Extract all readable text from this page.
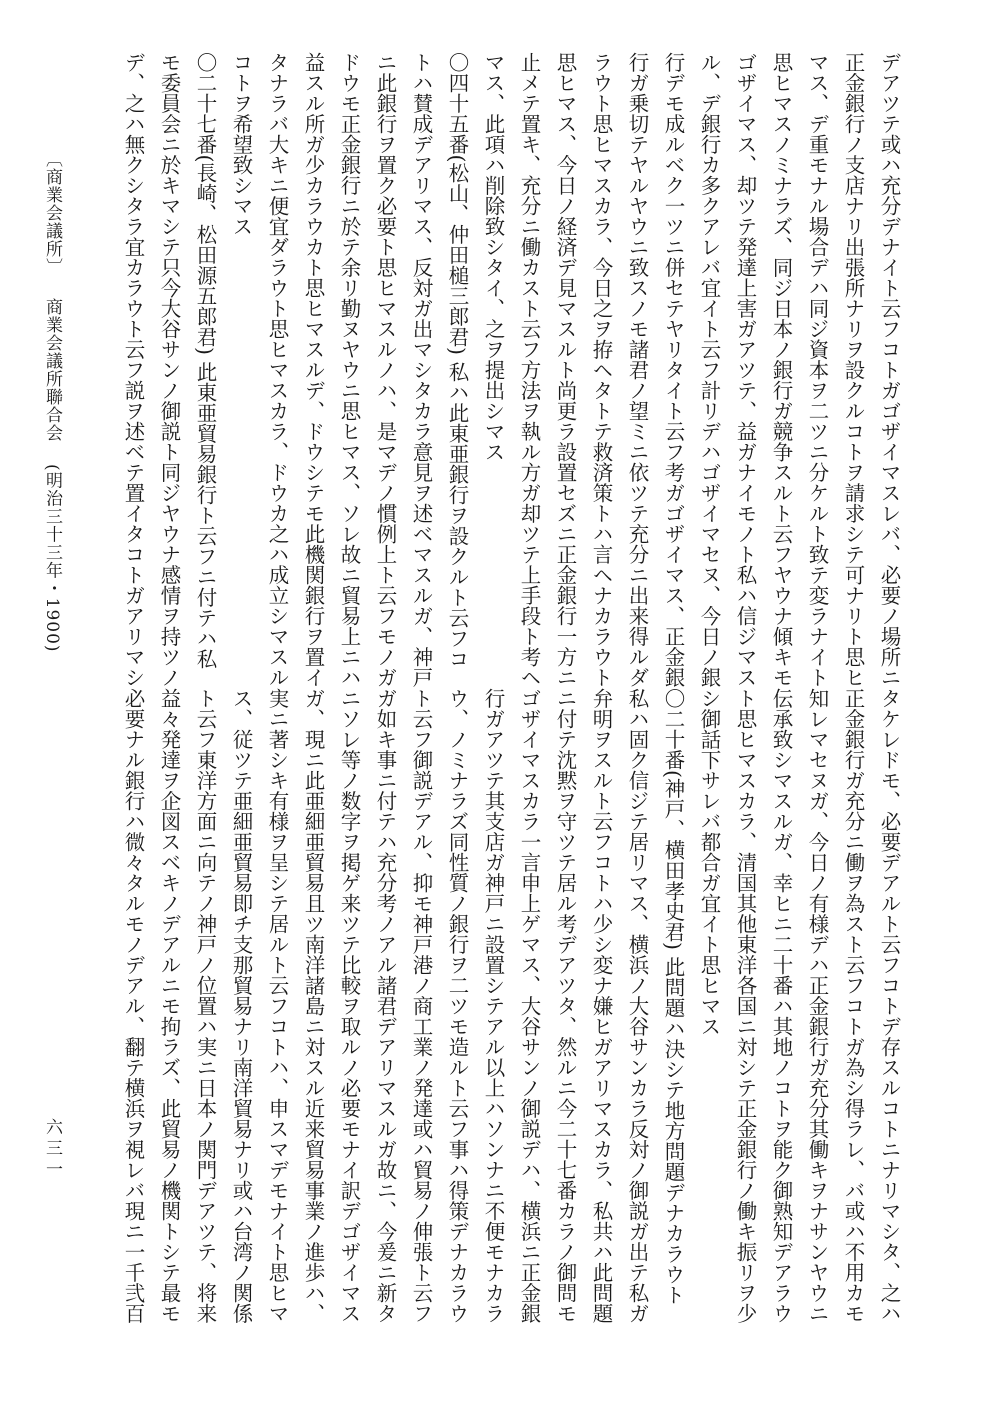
デアツテ或ハ充分デナイト云フコトガゴザイマスレバ、必要ノ場所ニ
正金銀行ノ支店ナリ出張所ナリヲ設クルコトヲ請求シテ可ナリト思ヒ
マス、デ重モナル場合デハ同ジ資本ヲ二ツニ分ケルト致テ変ラナイト
思ヒマスノミナラズ、同ジ日本ノ銀行ガ競争スルト云フヤウナ傾キモ
ゴザイマス、却ツテ発達上害ガアツテ、益ガナイモノト私ハ信ジマス
ル、デ銀行カ多クアレバ宜イト云フ計リデハゴザイマセヌ、今日ノ銀
行デモ成ルベク一ツニ併セテヤリタイト云フ考ガゴザイマス、正金銀
行ガ乗切テヤルヤウニ致スノモ諸君ノ望ミニ依ツテ充分ニ出来得ルダ
ラウト思ヒマスカラ、今日之ヲ拵ヘタトテ救済策トハ言ヘナカラウト
思ヒマス、今日ノ経済デ見マスルト尚更ラ設置セズニ正金銀行一方ニ
止メテ置キ、充分ニ働カスト云フ方法ヲ執ル方ガ却ツテ上手段ト考ヘ
マス、此項ハ削除致シタイ、之ヲ提出シマス
〇四十五番(松山、仲田槌三郎君) 私ハ此東亜銀行ヲ設クルト云フコ
トハ賛成デアリマス、反対ガ出マシタカラ意見ヲ述ベマスルガ、神戸
ニ此銀行ヲ置ク必要ト思ヒマスルノハ、是マデノ慣例上ト云フモノガ
ドウモ正金銀行ニ於テ余リ勤ヌヤウニ思ヒマス、ソレ故ニ貿易上ニハ
益スル所ガ少カラウカト思ヒマスルデ、ドウシテモ此機関銀行ヲ置イ
タナラバ大キニ便宜ダラウト思ヒマスカラ、ドウカ之ハ成立シマスル
コトヲ希望致シマス
〇二十七番(長崎、松田源五郎君) 此東亜貿易銀行ト云フニ付テハ私
モ委員会ニ於キマシテ只今大谷サンノ御説ト同ジヤウナ感情ヲ持ツノ
デ、之ハ無クシタラ宜カラウト云フ説ヲ述ベテ置イタコトガアリマシ
タケレドモ、必要デアルト云フコトデ存スルコトニナリマシタ、之ハ
正金銀行ガ充分ニ働ヲ為スト云フコトガ為シ得ラレ、バ或ハ不用カモ
知レマセヌガ、今日ノ有様デハ正金銀行ガ充分其働キヲナサンヤウニ
伝承致シマスルガ、幸ヒニ二十番ハ其地ノコトヲ能ク御熟知デアラウ
ト思ヒマスカラ、清国其他東洋各国ニ対シテ正金銀行ノ働キ振リヲ少
シ御話下サレバ都合ガ宜イト思ヒマス
〇二十番(神戸、横田孝史君) 此問題ハ決シテ地方問題デナカラウト
私ハ固ク信ジテ居リマス、横浜ノ大谷サンカラ反対ノ御説ガ出テ私ガ
弁明ヲスルト云フコトハ少シ変ナ嫌ヒガアリマスカラ、私共ハ此問題
ニ付テ沈黙ヲ守ツテ居ル考デアツタ、然ルニ今二十七番カラノ御問モ
ゴザイマスカラ一言申上ゲマス、大谷サンノ御説デハ、横浜ニ正金銀
行ガアツテ其支店ガ神戸ニ設置シテアル以上ハソンナニ不便モナカラ
ウ、ノミナラズ同性質ノ銀行ヲ二ツモ造ルト云フ事ハ得策デナカラウ
ト云フ御説デアル、抑モ神戸港ノ商工業ノ発達或ハ貿易ノ伸張ト云フ
ガ如キ事ニ付テハ充分考ノアル諸君デアリマスルガ故ニ、今爰ニ新タ
ニソレ等ノ数字ヲ掲ゲ来ツテ比較ヲ取ルノ必要モナイ訳デゴザイマス
ガ、現ニ此亜細亜貿易且ツ南洋諸島ニ対スル近来貿易事業ノ進歩ハ、
実ニ著シキ有様ヲ呈シテ居ルト云フコトハ、申スマデモナイト思ヒマ
ス、従ツテ亜細亜貿易即チ支那貿易ナリ南洋貿易ナリ或ハ台湾ノ関係
ト云フ東洋方面ニ向テノ神戸ノ位置ハ実ニ日本ノ関門デアツテ、将来
益々発達ヲ企図スベキノデアルニモ拘ラズ、此貿易ノ機関トシテ最モ
必要ナル銀行ハ微々タルモノデアル、翻テ横浜ヲ視レバ現ニ一千弐百
〔商業会議所〕商業会議所聯合会(明治三十三年・1900)
六三一
